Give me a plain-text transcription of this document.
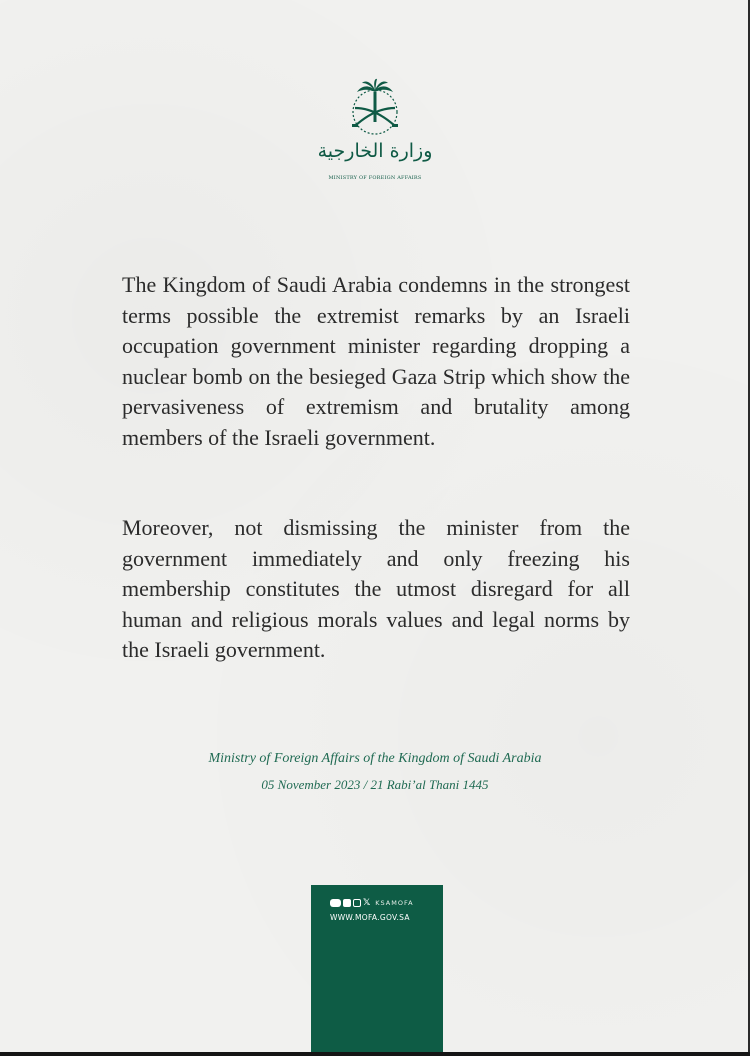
وزارة الخارجية
MINISTRY OF FOREIGN AFFAIRS

The Kingdom of Saudi Arabia condemns in the strongest terms possible the extremist remarks by an Israeli occupation government minister regarding dropping a nuclear bomb on the besieged Gaza Strip which show the pervasiveness of extremism and brutality among members of the Israeli government.

Moreover, not dismissing the minister from the government immediately and only freezing his membership constitutes the utmost disregard for all human and religious morals values and legal norms by the Israeli government.

Ministry of Foreign Affairs of the Kingdom of Saudi Arabia
05 November 2023 / 21 Rabi’al Thani 1445
𝕏 KSAMOFA
WWW.MOFA.GOV.SA
